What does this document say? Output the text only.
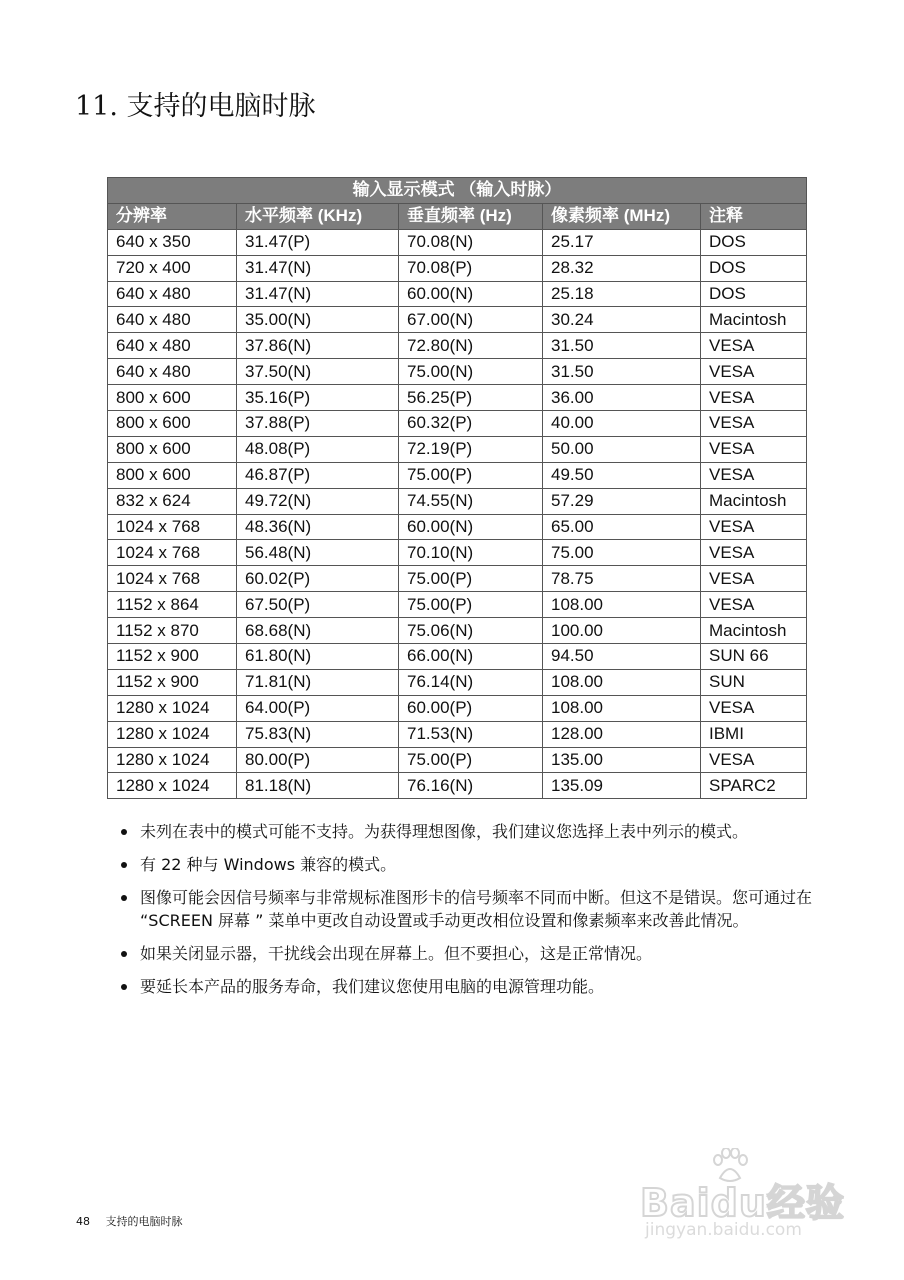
11. 支持的电脑时脉
输入显示模式 （输入时脉）				
分辨率	水平频率 (KHz)	垂直频率 (Hz)	像素频率 (MHz)	注释
640 x 350	31.47(P)	70.08(N)	25.17	DOS
720 x 400	31.47(N)	70.08(P)	28.32	DOS
640 x 480	31.47(N)	60.00(N)	25.18	DOS
640 x 480	35.00(N)	67.00(N)	30.24	Macintosh
640 x 480	37.86(N)	72.80(N)	31.50	VESA
640 x 480	37.50(N)	75.00(N)	31.50	VESA
800 x 600	35.16(P)	56.25(P)	36.00	VESA
800 x 600	37.88(P)	60.32(P)	40.00	VESA
800 x 600	48.08(P)	72.19(P)	50.00	VESA
800 x 600	46.87(P)	75.00(P)	49.50	VESA
832 x 624	49.72(N)	74.55(N)	57.29	Macintosh
1024 x 768	48.36(N)	60.00(N)	65.00	VESA
1024 x 768	56.48(N)	70.10(N)	75.00	VESA
1024 x 768	60.02(P)	75.00(P)	78.75	VESA
1152 x 864	67.50(P)	75.00(P)	108.00	VESA
1152 x 870	68.68(N)	75.06(N)	100.00	Macintosh
1152 x 900	61.80(N)	66.00(N)	94.50	SUN 66
1152 x 900	71.81(N)	76.14(N)	108.00	SUN
1280 x 1024	64.00(P)	60.00(P)	108.00	VESA
1280 x 1024	75.83(N)	71.53(N)	128.00	IBMI
1280 x 1024	80.00(P)	75.00(P)	135.00	VESA
1280 x 1024	81.18(N)	76.16(N)	135.09	SPARC2
未列在表中的模式可能不支持。为获得理想图像，我们建议您选择上表中列示的模式。
有 22 种与 Windows 兼容的模式。
图像可能会因信号频率与非常规标准图形卡的信号频率不同而中断。但这不是错误。您可通过在 “SCREEN 屏幕 ” 菜单中更改自动设置或手动更改相位设置和像素频率来改善此情况。
如果关闭显示器，干扰线会出现在屏幕上。但不要担心，这是正常情况。
要延长本产品的服务寿命，我们建议您使用电脑的电源管理功能。
48 支持的电脑时脉	Baidu经验
jingyan.baidu.com
